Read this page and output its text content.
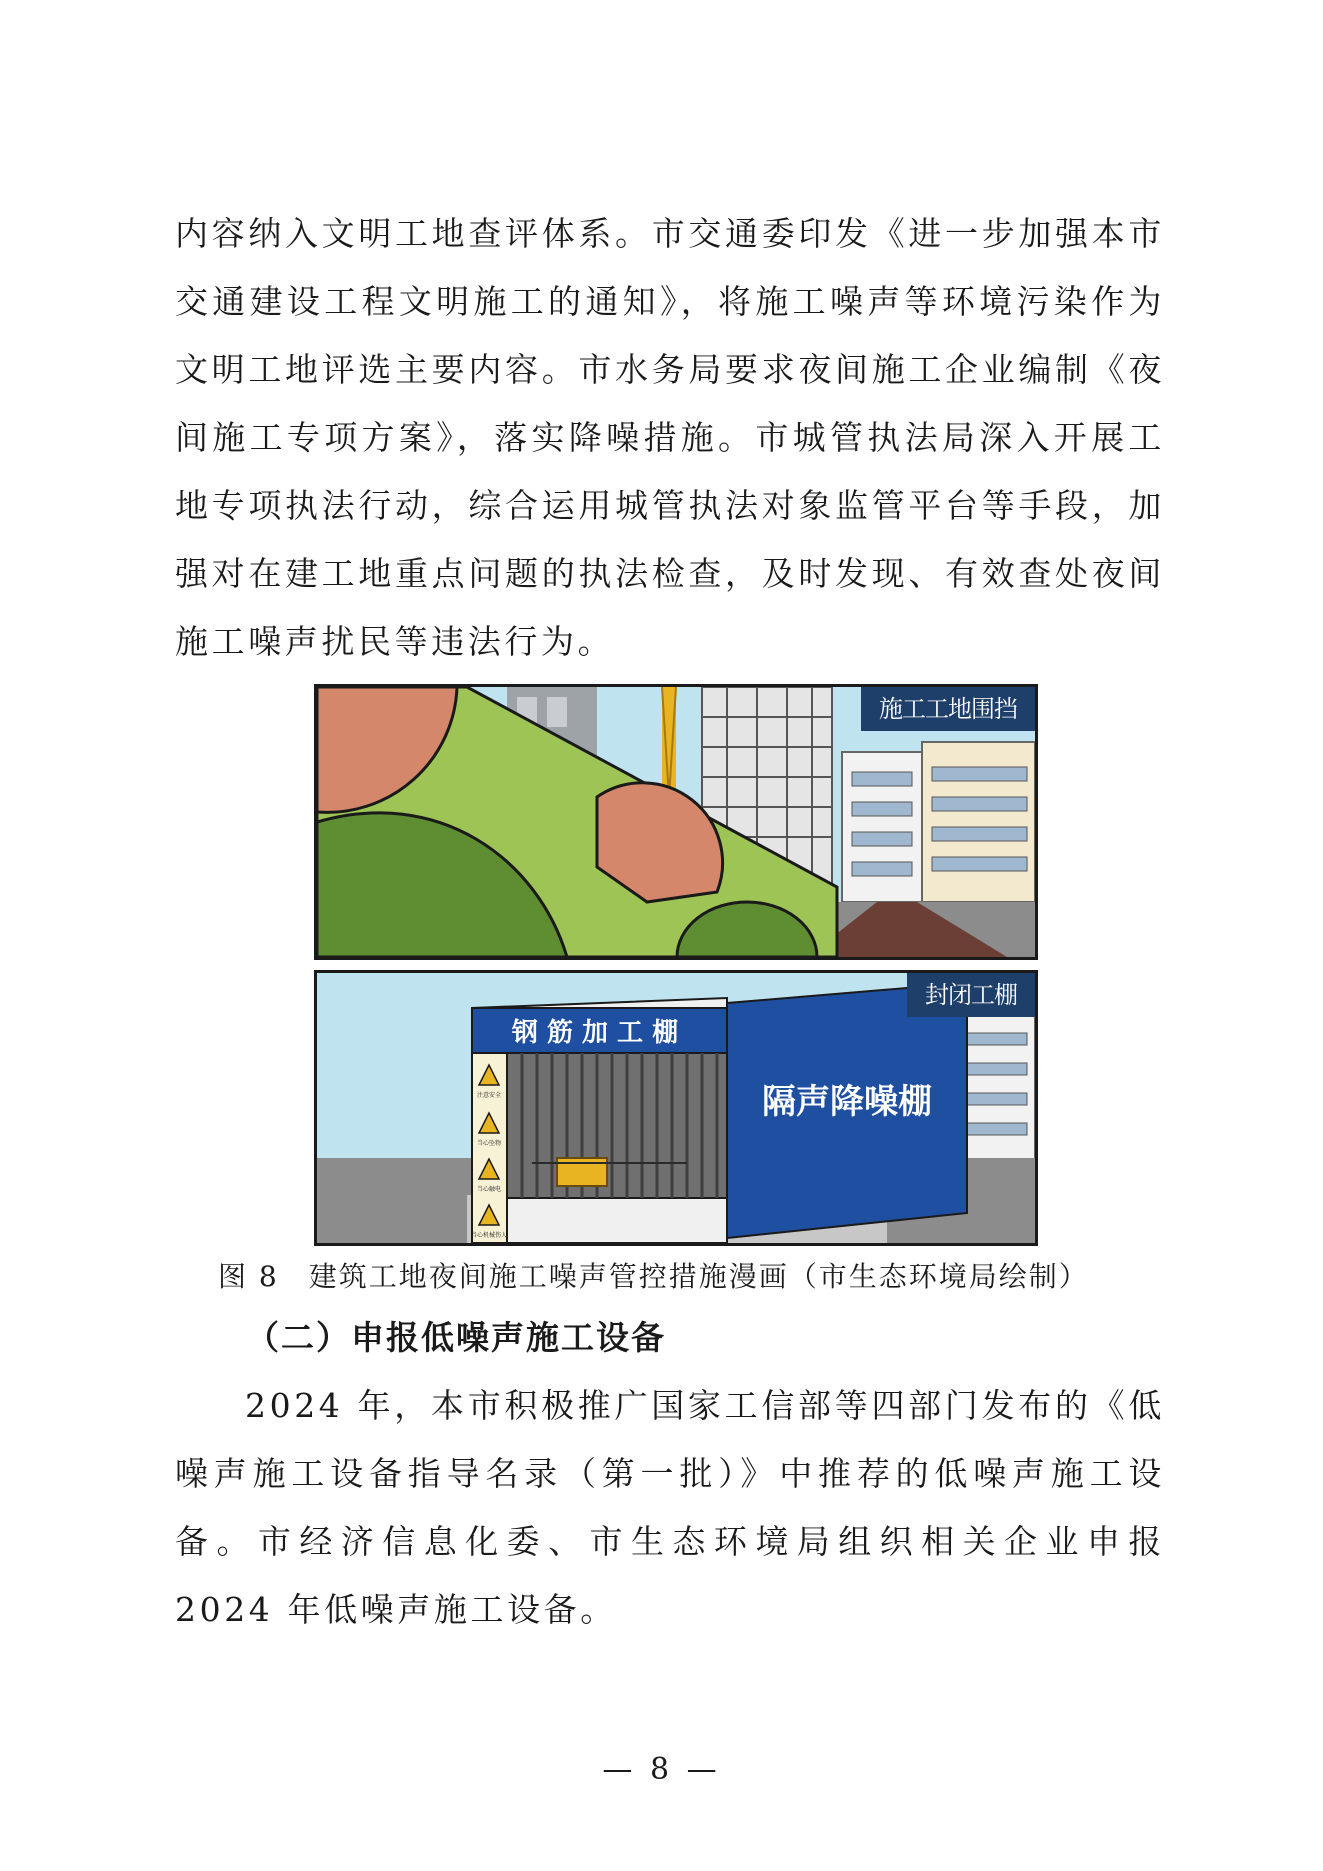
内容纳入文明工地查评体系。市交通委印发《进一步加强本市交通建设工程文明施工的通知》，将施工噪声等环境污染作为文明工地评选主要内容。市水务局要求夜间施工企业编制《夜间施工专项方案》，落实降噪措施。市城管执法局深入开展工地专项执法行动，综合运用城管执法对象监管平台等手段，加强对在建工地重点问题的执法检查，及时发现、有效查处夜间施工噪声扰民等违法行为。

施工工地围挡
注意安全
当心坠物
当心触电
当心机械伤人
钢 筋 加 工 棚
隔声降噪棚
封闭工棚
图 8　建筑工地夜间施工噪声管控措施漫画（市生态环境局绘制）
（二）申报低噪声施工设备

2024 年，本市积极推广国家工信部等四部门发布的《低噪声施工设备指导名录（第一批）》中推荐的低噪声施工设备。市经济信息化委、市生态环境局组织相关企业申报 2024 年低噪声施工设备。

— 8 —
